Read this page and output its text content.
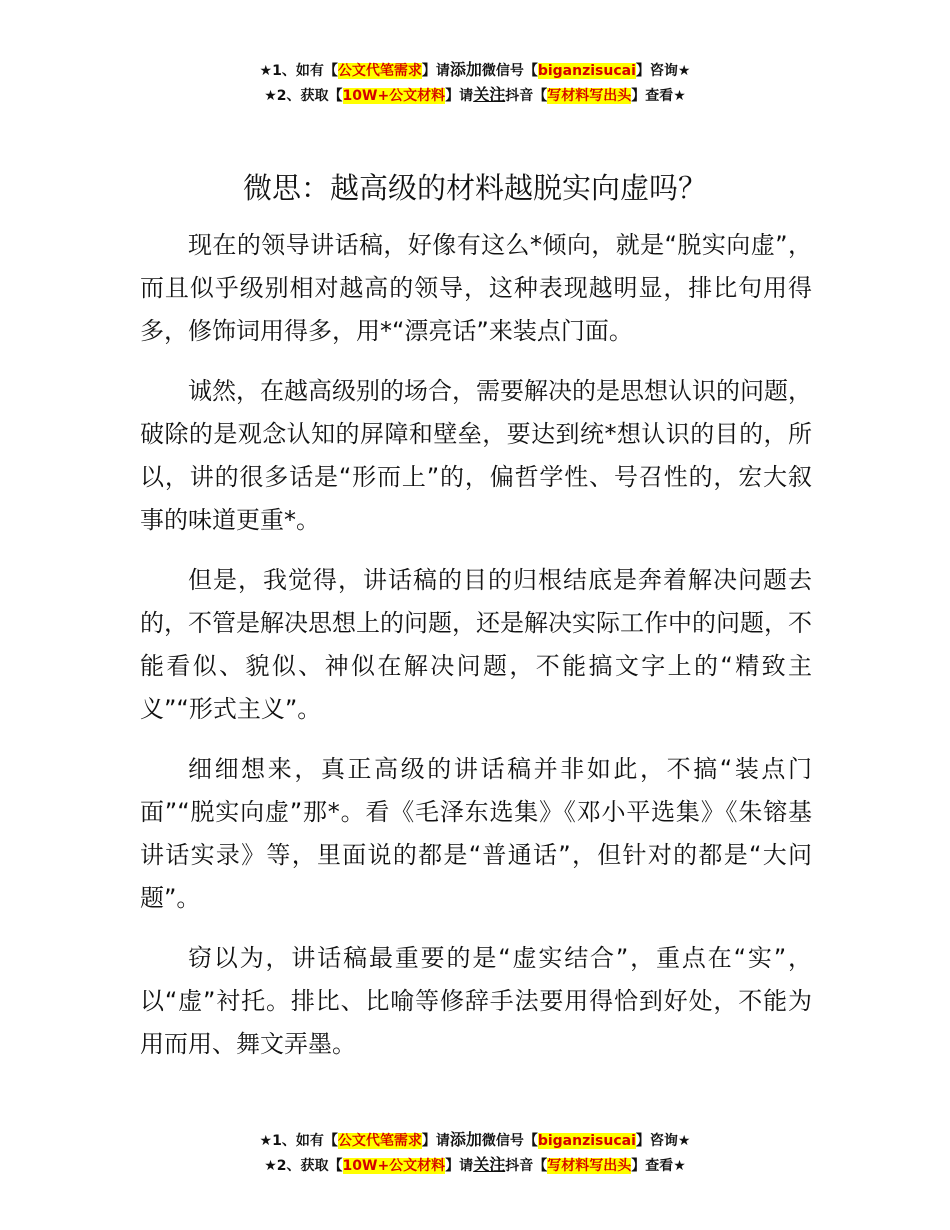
★1、如有【公文代笔需求】请添加微信号【biganzisucai】咨询★
★2、获取【10W+公文材料】请关注抖音【写材料写出头】查看★
微思：越高级的材料越脱实向虚吗？

现在的领导讲话稿，好像有这么*倾向，就是“脱实向虚”，而且似乎级别相对越高的领导，这种表现越明显，排比句用得多，修饰词用得多，用*“漂亮话”来装点门面。

诚然，在越高级别的场合，需要解决的是思想认识的问题，破除的是观念认知的屏障和壁垒，要达到统*想认识的目的，所以，讲的很多话是“形而上”的，偏哲学性、号召性的，宏大叙事的味道更重*。

但是，我觉得，讲话稿的目的归根结底是奔着解决问题去的，不管是解决思想上的问题，还是解决实际工作中的问题，不能看似、貌似、神似在解决问题，不能搞文字上的“精致主义”“形式主义”。

细细想来，真正高级的讲话稿并非如此，不搞“装点门面”“脱实向虚”那*。看《毛泽东选集》《邓小平选集》《朱镕基讲话实录》等，里面说的都是“普通话”，但针对的都是“大问题”。

窃以为，讲话稿最重要的是“虚实结合”，重点在“实”，以“虚”衬托。排比、比喻等修辞手法要用得恰到好处，不能为用而用、舞文弄墨。

★1、如有【公文代笔需求】请添加微信号【biganzisucai】咨询★
★2、获取【10W+公文材料】请关注抖音【写材料写出头】查看★
